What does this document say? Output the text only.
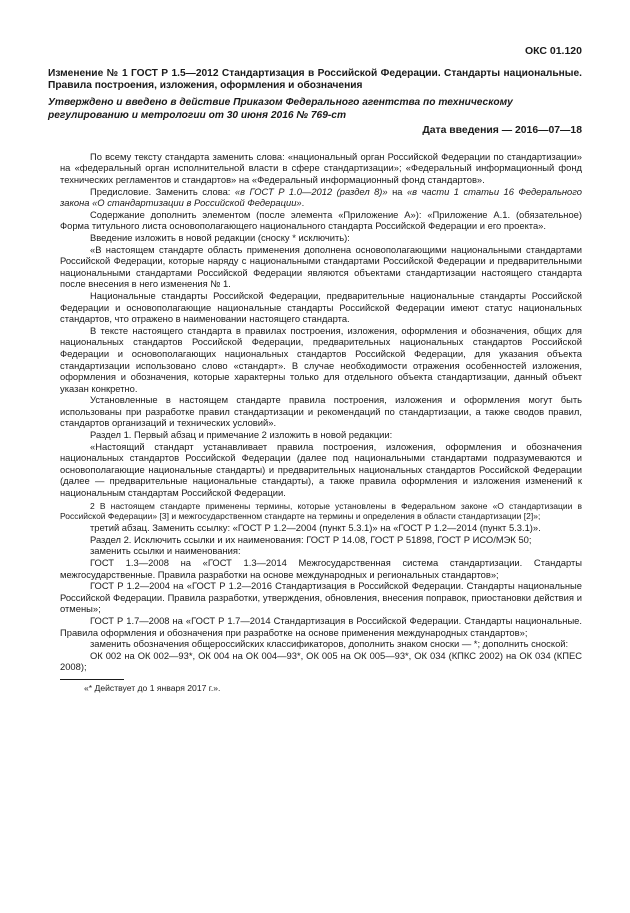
ОКС 01.120
Изменение № 1 ГОСТ Р 1.5—2012 Стандартизация в Российской Федерации. Стандарты национальные. Правила построения, изложения, оформления и обозначения
Утверждено и введено в действие Приказом Федерального агентства по техническому регулированию и метрологии от 30 июня 2016 № 769-ст
Дата введения — 2016—07—18

По всему тексту стандарта заменить слова: «национальный орган Российской Федерации по стандартизации» на «федеральный орган исполнительной власти в сфере стандартизации»; «Федеральный информационный фонд технических регламентов и стандартов» на «Федеральный информационный фонд стандартов».

Предисловие. Заменить слова: «в ГОСТ Р 1.0—2012 (раздел 8)» на «в части 1 статьи 16 Федерального закона «О стандартизации в Российской Федерации».

Содержание дополнить элементом (после элемента «Приложение А»): «Приложение А.1. (обязательное) Форма титульного листа основополагающего национального стандарта Российской Федерации и его проекта».

Введение изложить в новой редакции (сноску * исключить):

«В настоящем стандарте область применения дополнена основополагающими национальными стандартами Российской Федерации, которые наряду с национальными стандартами Российской Федерации и предварительными национальными стандартами Российской Федерации являются объектами стандартизации настоящего стандарта после внесения в него изменения № 1.

Национальные стандарты Российской Федерации, предварительные национальные стандарты Российской Федерации и основополагающие национальные стандарты Российской Федерации имеют статус национальных стандартов, что отражено в наименовании настоящего стандарта.

В тексте настоящего стандарта в правилах построения, изложения, оформления и обозначения, общих для национальных стандартов Российской Федерации, предварительных национальных стандартов Российской Федерации и основополагающих национальных стандартов Российской Федерации, для указания объекта стандартизации использовано слово «стандарт». В случае необходимости отражения особенностей изложения, оформления и обозначения, которые характерны только для отдельного объекта стандартизации, данный объект указан конкретно.

Установленные в настоящем стандарте правила построения, изложения и оформления могут быть использованы при разработке правил стандартизации и рекомендаций по стандартизации, а также сводов правил, стандартов организаций и технических условий».

Раздел 1. Первый абзац и примечание 2 изложить в новой редакции:

«Настоящий стандарт устанавливает правила построения, изложения, оформления и обозначения национальных стандартов Российской Федерации (далее под национальными стандартами подразумеваются и основополагающие национальные стандарты) и предварительных национальных стандартов Российской Федерации (далее — предварительные национальные стандарты), а также правила оформления и изложения изменений к национальным стандартам Российской Федерации.

2 В настоящем стандарте применены термины, которые установлены в Федеральном законе «О стандартизации в Российской Федерации» [3] и межгосударственном стандарте на термины и определения в области стандартизации [2]»;

третий абзац. Заменить ссылку: «ГОСТ Р 1.2—2004 (пункт 5.3.1)» на «ГОСТ Р 1.2—2014 (пункт 5.3.1)».

Раздел 2. Исключить ссылки и их наименования: ГОСТ Р 14.08, ГОСТ Р 51898, ГОСТ Р ИСО/МЭК 50;

заменить ссылки и наименования:

ГОСТ 1.3—2008 на «ГОСТ 1.3—2014 Межгосударственная система стандартизации. Стандарты межгосударственные. Правила разработки на основе международных и региональных стандартов»;

ГОСТ Р 1.2—2004 на «ГОСТ Р 1.2—2016 Стандартизация в Российской Федерации. Стандарты национальные Российской Федерации. Правила разработки, утверждения, обновления, внесения поправок, приостановки действия и отмены»;

ГОСТ Р 1.7—2008 на «ГОСТ Р 1.7—2014 Стандартизация в Российской Федерации. Стандарты национальные. Правила оформления и обозначения при разработке на основе применения международных стандартов»;

заменить обозначения общероссийских классификаторов, дополнить знаком сноски — *; дополнить сноской:

ОК 002 на ОК 002—93*, ОК 004 на ОК 004—93*, ОК 005 на ОК 005—93*, ОК 034 (КПКС 2002) на ОК 034 (КПЕС 2008);

«* Действует до 1 января 2017 г.».
